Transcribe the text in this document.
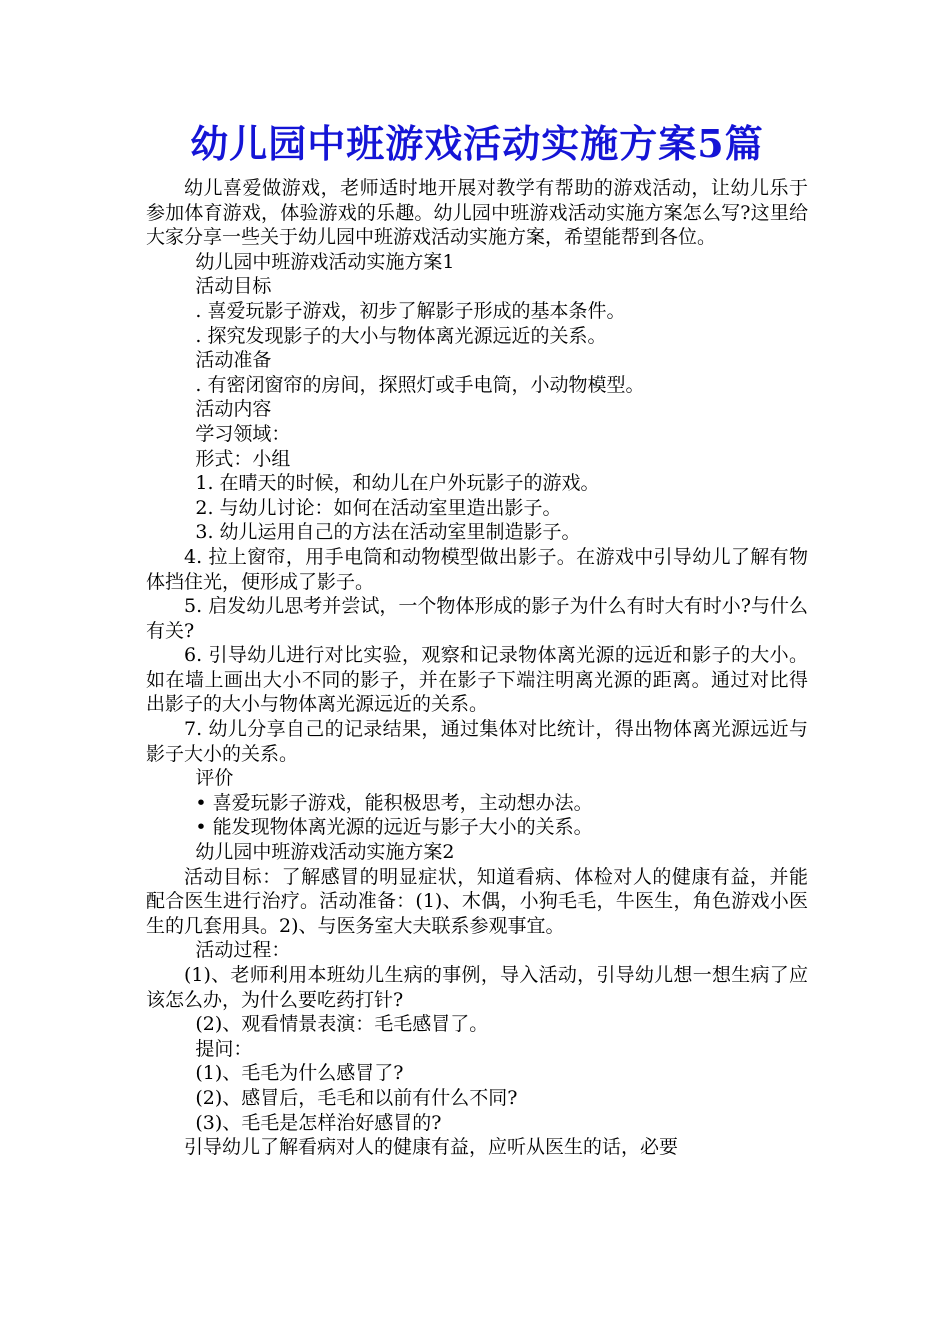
幼儿园中班游戏活动实施方案5篇

幼儿喜爱做游戏，老师适时地开展对教学有帮助的游戏活动，让幼儿乐于参加体育游戏，体验游戏的乐趣。幼儿园中班游戏活动实施方案怎么写?这里给大家分享一些关于幼儿园中班游戏活动实施方案，希望能帮到各位。

幼儿园中班游戏活动实施方案1

活动目标

. 喜爱玩影子游戏，初步了解影子形成的基本条件。

. 探究发现影子的大小与物体离光源远近的关系。

活动准备

. 有密闭窗帘的房间，探照灯或手电筒，小动物模型。

活动内容

学习领域：

形式：小组

1. 在晴天的时候，和幼儿在户外玩影子的游戏。

2. 与幼儿讨论：如何在活动室里造出影子。

3. 幼儿运用自己的方法在活动室里制造影子。

4. 拉上窗帘，用手电筒和动物模型做出影子。在游戏中引导幼儿了解有物体挡住光，便形成了影子。

5. 启发幼儿思考并尝试，一个物体形成的影子为什么有时大有时小?与什么有关?

6. 引导幼儿进行对比实验，观察和记录物体离光源的远近和影子的大小。如在墙上画出大小不同的影子，并在影子下端注明离光源的距离。通过对比得出影子的大小与物体离光源远近的关系。

7. 幼儿分享自己的记录结果，通过集体对比统计，得出物体离光源远近与影子大小的关系。

评价

• 喜爱玩影子游戏，能积极思考，主动想办法。

• 能发现物体离光源的远近与影子大小的关系。

幼儿园中班游戏活动实施方案2

活动目标：了解感冒的明显症状，知道看病、体检对人的健康有益，并能配合医生进行治疗。活动准备：(1)、木偶，小狗毛毛，牛医生，角色游戏小医生的几套用具。2)、与医务室大夫联系参观事宜。

活动过程：

(1)、老师利用本班幼儿生病的事例，导入活动，引导幼儿想一想生病了应该怎么办，为什么要吃药打针?

(2)、观看情景表演：毛毛感冒了。

提问：

(1)、毛毛为什么感冒了?

(2)、感冒后，毛毛和以前有什么不同?

(3)、毛毛是怎样治好感冒的?

引导幼儿了解看病对人的健康有益，应听从医生的话，必要
